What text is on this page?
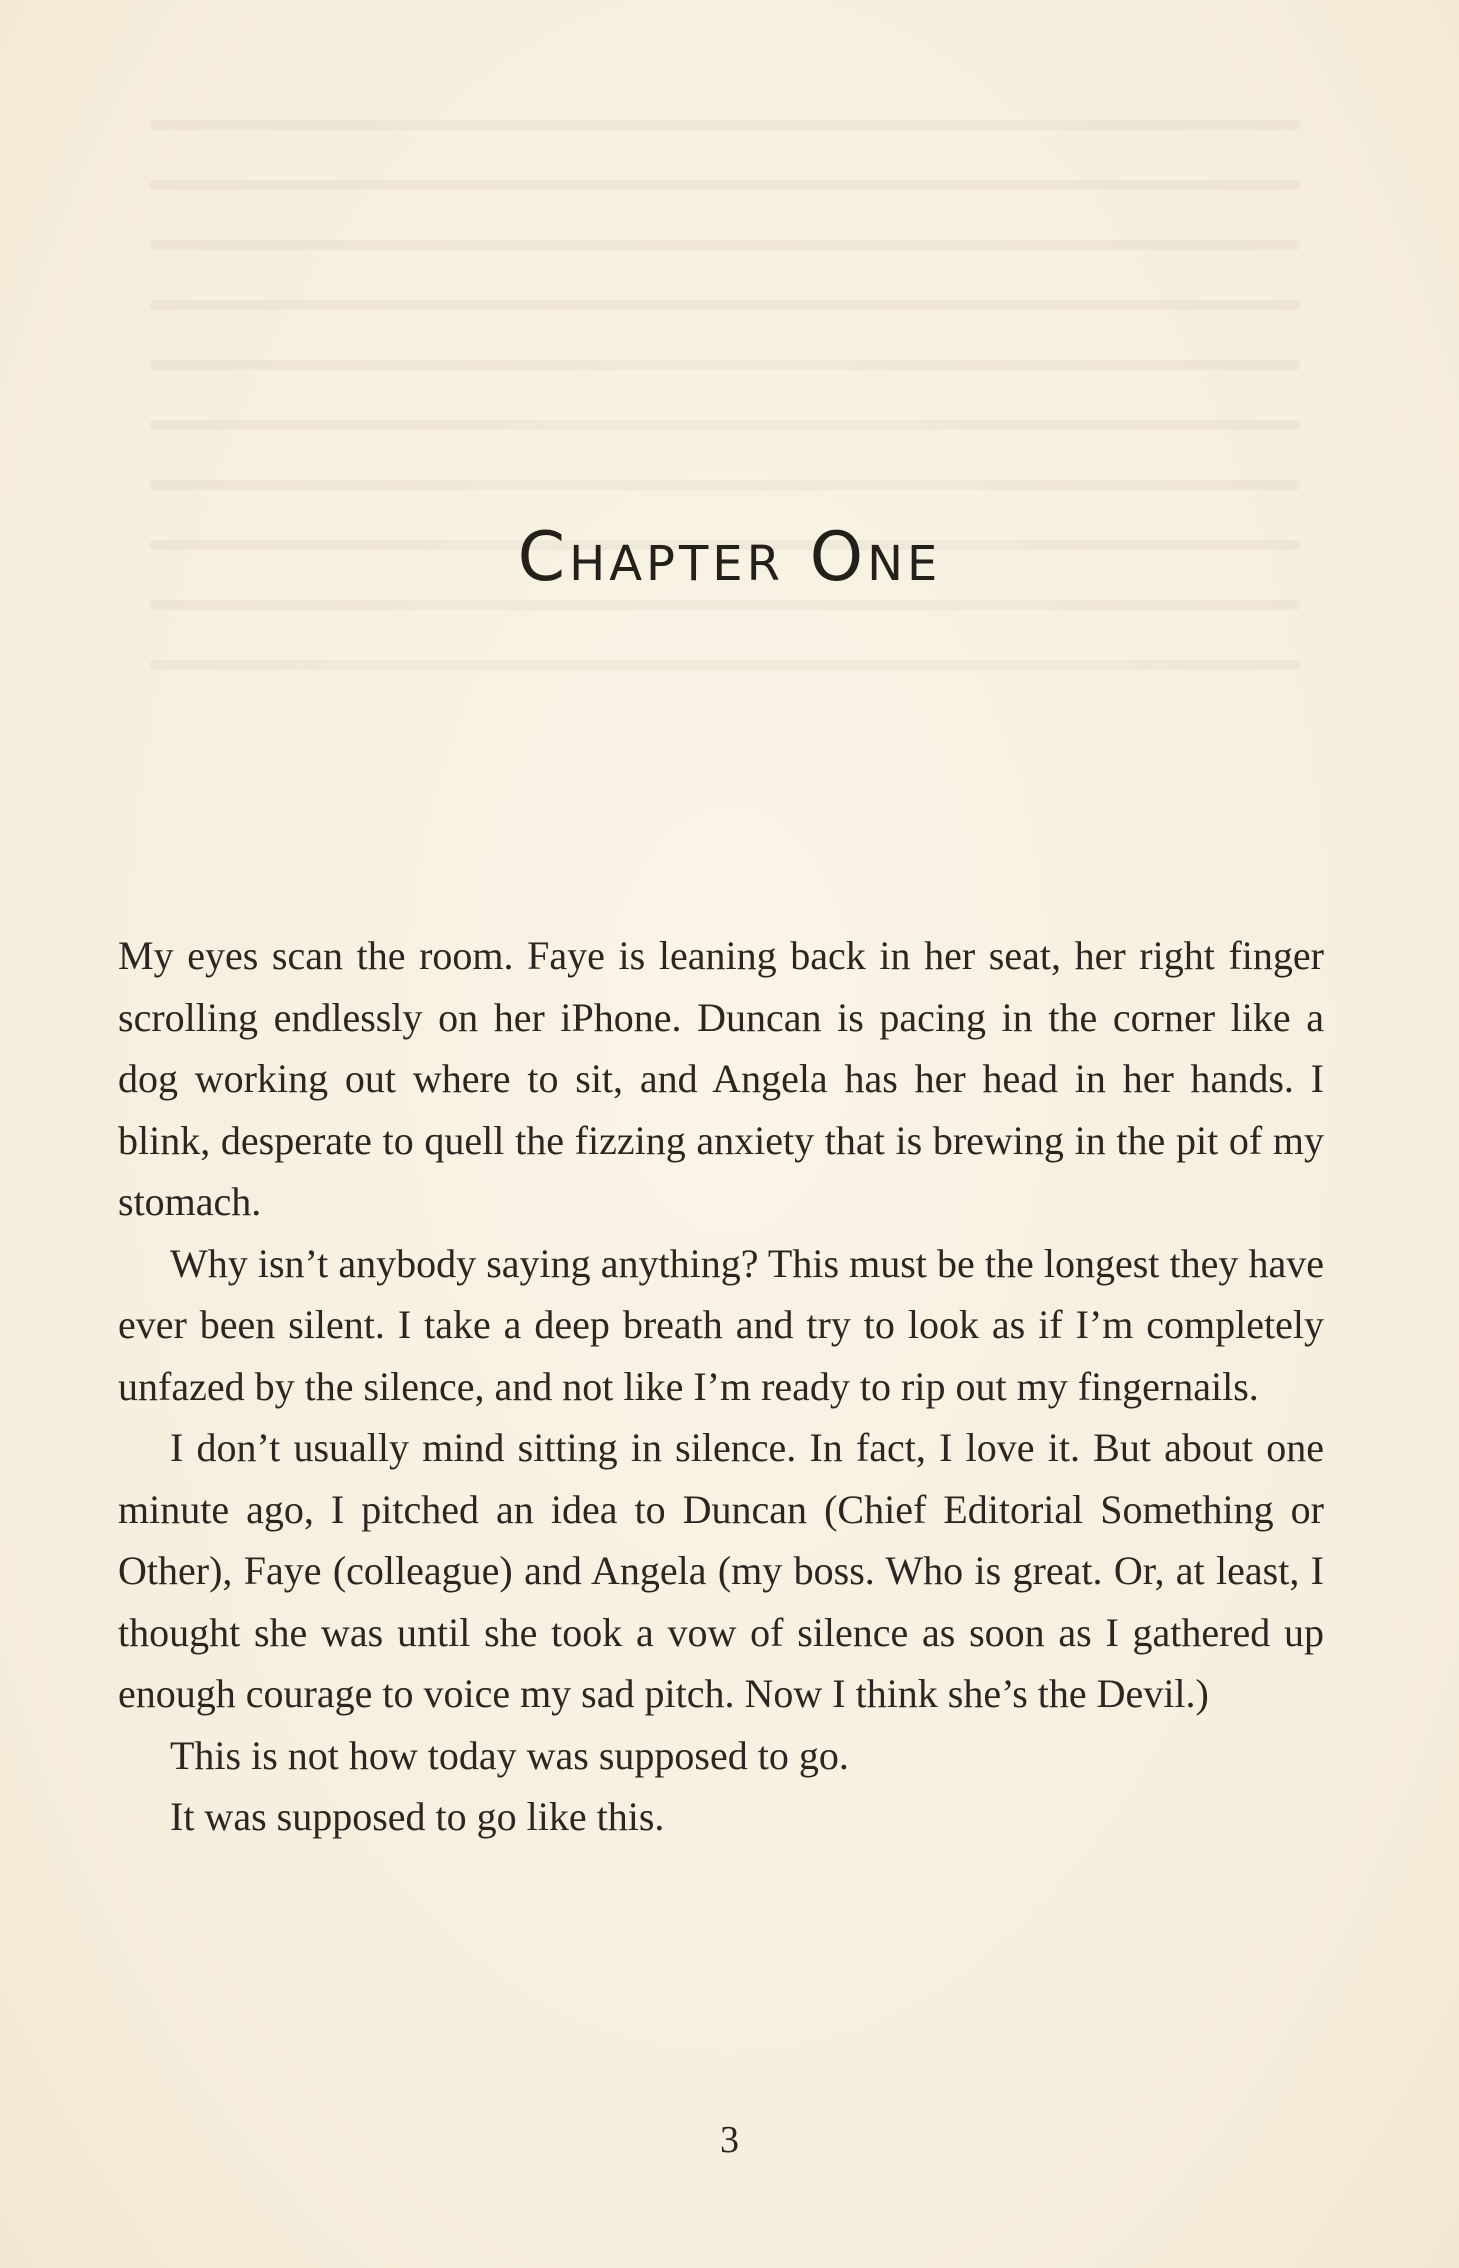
Chapter One

My eyes scan the room. Faye is leaning back in her seat, her right finger scrolling endlessly on her iPhone. Duncan is pacing in the corner like a dog working out where to sit, and Angela has her head in her hands. I blink, desperate to quell the fizzing anxiety that is brewing in the pit of my stomach.

Why isn’t anybody saying anything? This must be the longest they have ever been silent. I take a deep breath and try to look as if I’m completely unfazed by the silence, and not like I’m ready to rip out my fingernails.

I don’t usually mind sitting in silence. In fact, I love it. But about one minute ago, I pitched an idea to Duncan (Chief Editorial Something or Other), Faye (colleague) and Angela (my boss. Who is great. Or, at least, I thought she was until she took a vow of silence as soon as I gathered up enough courage to voice my sad pitch. Now I think she’s the Devil.)

This is not how today was supposed to go.

It was supposed to go like this.

3
